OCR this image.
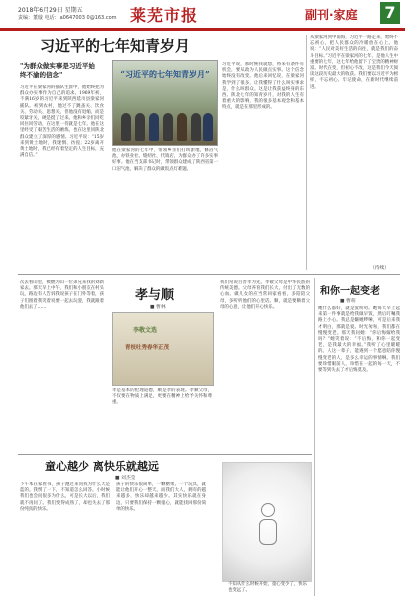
2018年6月29日 星期五
责编：董璇 电话：a0647003 0@163.com 莱芜市报	副刊·家庭 7
习近平的七年知青岁月
"为群众做实事是习近平始终不渝的信念"	“习近平的七年知青岁月”
习近平在梁家河的插队生涯中，他始终把为群众办实事作为自己的追求。1969年初，不满16岁的习近平来到陕西延川县梁家河插队。初到农村，他过不了跳蚤关、饮食关、劳动关、思想关，但他没有退缩，而是咬紧牙关，硬是挺了过来。他和乡亲们同吃同住同劳动，在这里一待就是七年。他在这里经受了艰苦生活的磨炼，也在这里同陕北群众建立了深厚的感情。习近平说：“15岁来到黄土地时，我迷惘、彷徨；22岁离开黄土地时，我已经有着坚定的人生目标，充满自信。”
他在梁家河的七年中，带领乡亲们打坝淤地，修沼气池，办铁业社、缝纫社、代销店，为群众办了许多实事好事。他在当支部书记时，带领群众建成了陕西省第一口沼气池，解决了群众的做饭点灯难题。
习近平说，那时候我就想，将来有条件有机会，要从政为人民做点实事。这个信念始终没有改变。他后来回忆说，在梁家河我学到了很多，让我懂得了什么叫实事求是，什么叫群众。这是让我获益终身的东西。陕北七年的知青岁月，对我的人生有着重大的影响，我的很多基本观念和基本特点，就是在那里形成的。
从梁家河到中南海，习近平一路走来，始终不忘初心，把人民群众的冷暖放在心上。他说：“人民对美好生活的向往，就是我们的奋斗目标。”习近平在梁家河的七年，是他人生中重要的七年，这七年给他留下了宝贵的精神财富。时代在变，但初心不改，这是我们今天阅读这段历史最大的收获。我们要以习近平为榜样，不忘初心、牢记使命，在新时代继续前进。
（待续）
次去看山里，被燃为山一位弟兄来我的刘新家去。那天早上中午，我们和小朋友在村头玩，路边有人告诉我说孩子在门外等着，孩子们围着我笑着说要一起去玩耍，我就跟着他们去了……
孝与顺
■ 曹林
李敬文选
青枝吐秀春华正茂
孝是基本的伦理道德，顺是孝的表现。孝顺父母，不仅要在物质上满足，更要在精神上给予关怀和尊重。
我们常说百善孝为先，孝敬父母是中华民族的传统美德。父母养育我们长大，付出了无数的心血。做儿女的应当常回家看看，多陪陪父母，多听听他们的心里话。顺，就是要顺着父母的心意，让他们开心快乐。
和你一起变老
■ 曹萌
她什么都好，就是爱唠叨。她每天早上起来第一件事就是给我做早饭，然后叮嘱我路上小心。我总是嫌她啰嗦，可是后来我才明白，那就是爱。时光匆匆，我们都在慢慢变老。那天我问她：“你后悔嫁给我吗？”她笑着说：“不后悔，和你一起变老，是我最大的幸福。”我听了心里暖暖的。人这一辈子，能遇到一个愿意陪你慢慢变老的人，是多么幸运的事情啊。我们要珍惜眼前人，珍惜在一起的每一天，不要等到失去了才后悔莫及。
童心越少 离快乐就越远
■ 刘杰莹
下午本在家看书，孩子跑过来问我为什么天是蓝的。我愣了一下，不知道怎么回答。小时候我们也会问很多为什么，可是长大以后，我们就不再问了。我们变得成熟了，却也失去了那份纯真的快乐。
孩子的快乐很简单，一颗糖果、一个玩具，就能让他们开心一整天。而我们大人，拥有的越来越多，快乐却越来越少。其实快乐就在身边，只要我们保持一颗童心，就能找回那份简单的快乐。
不知从什么时候开始，童心变少了，快乐也变远了。
